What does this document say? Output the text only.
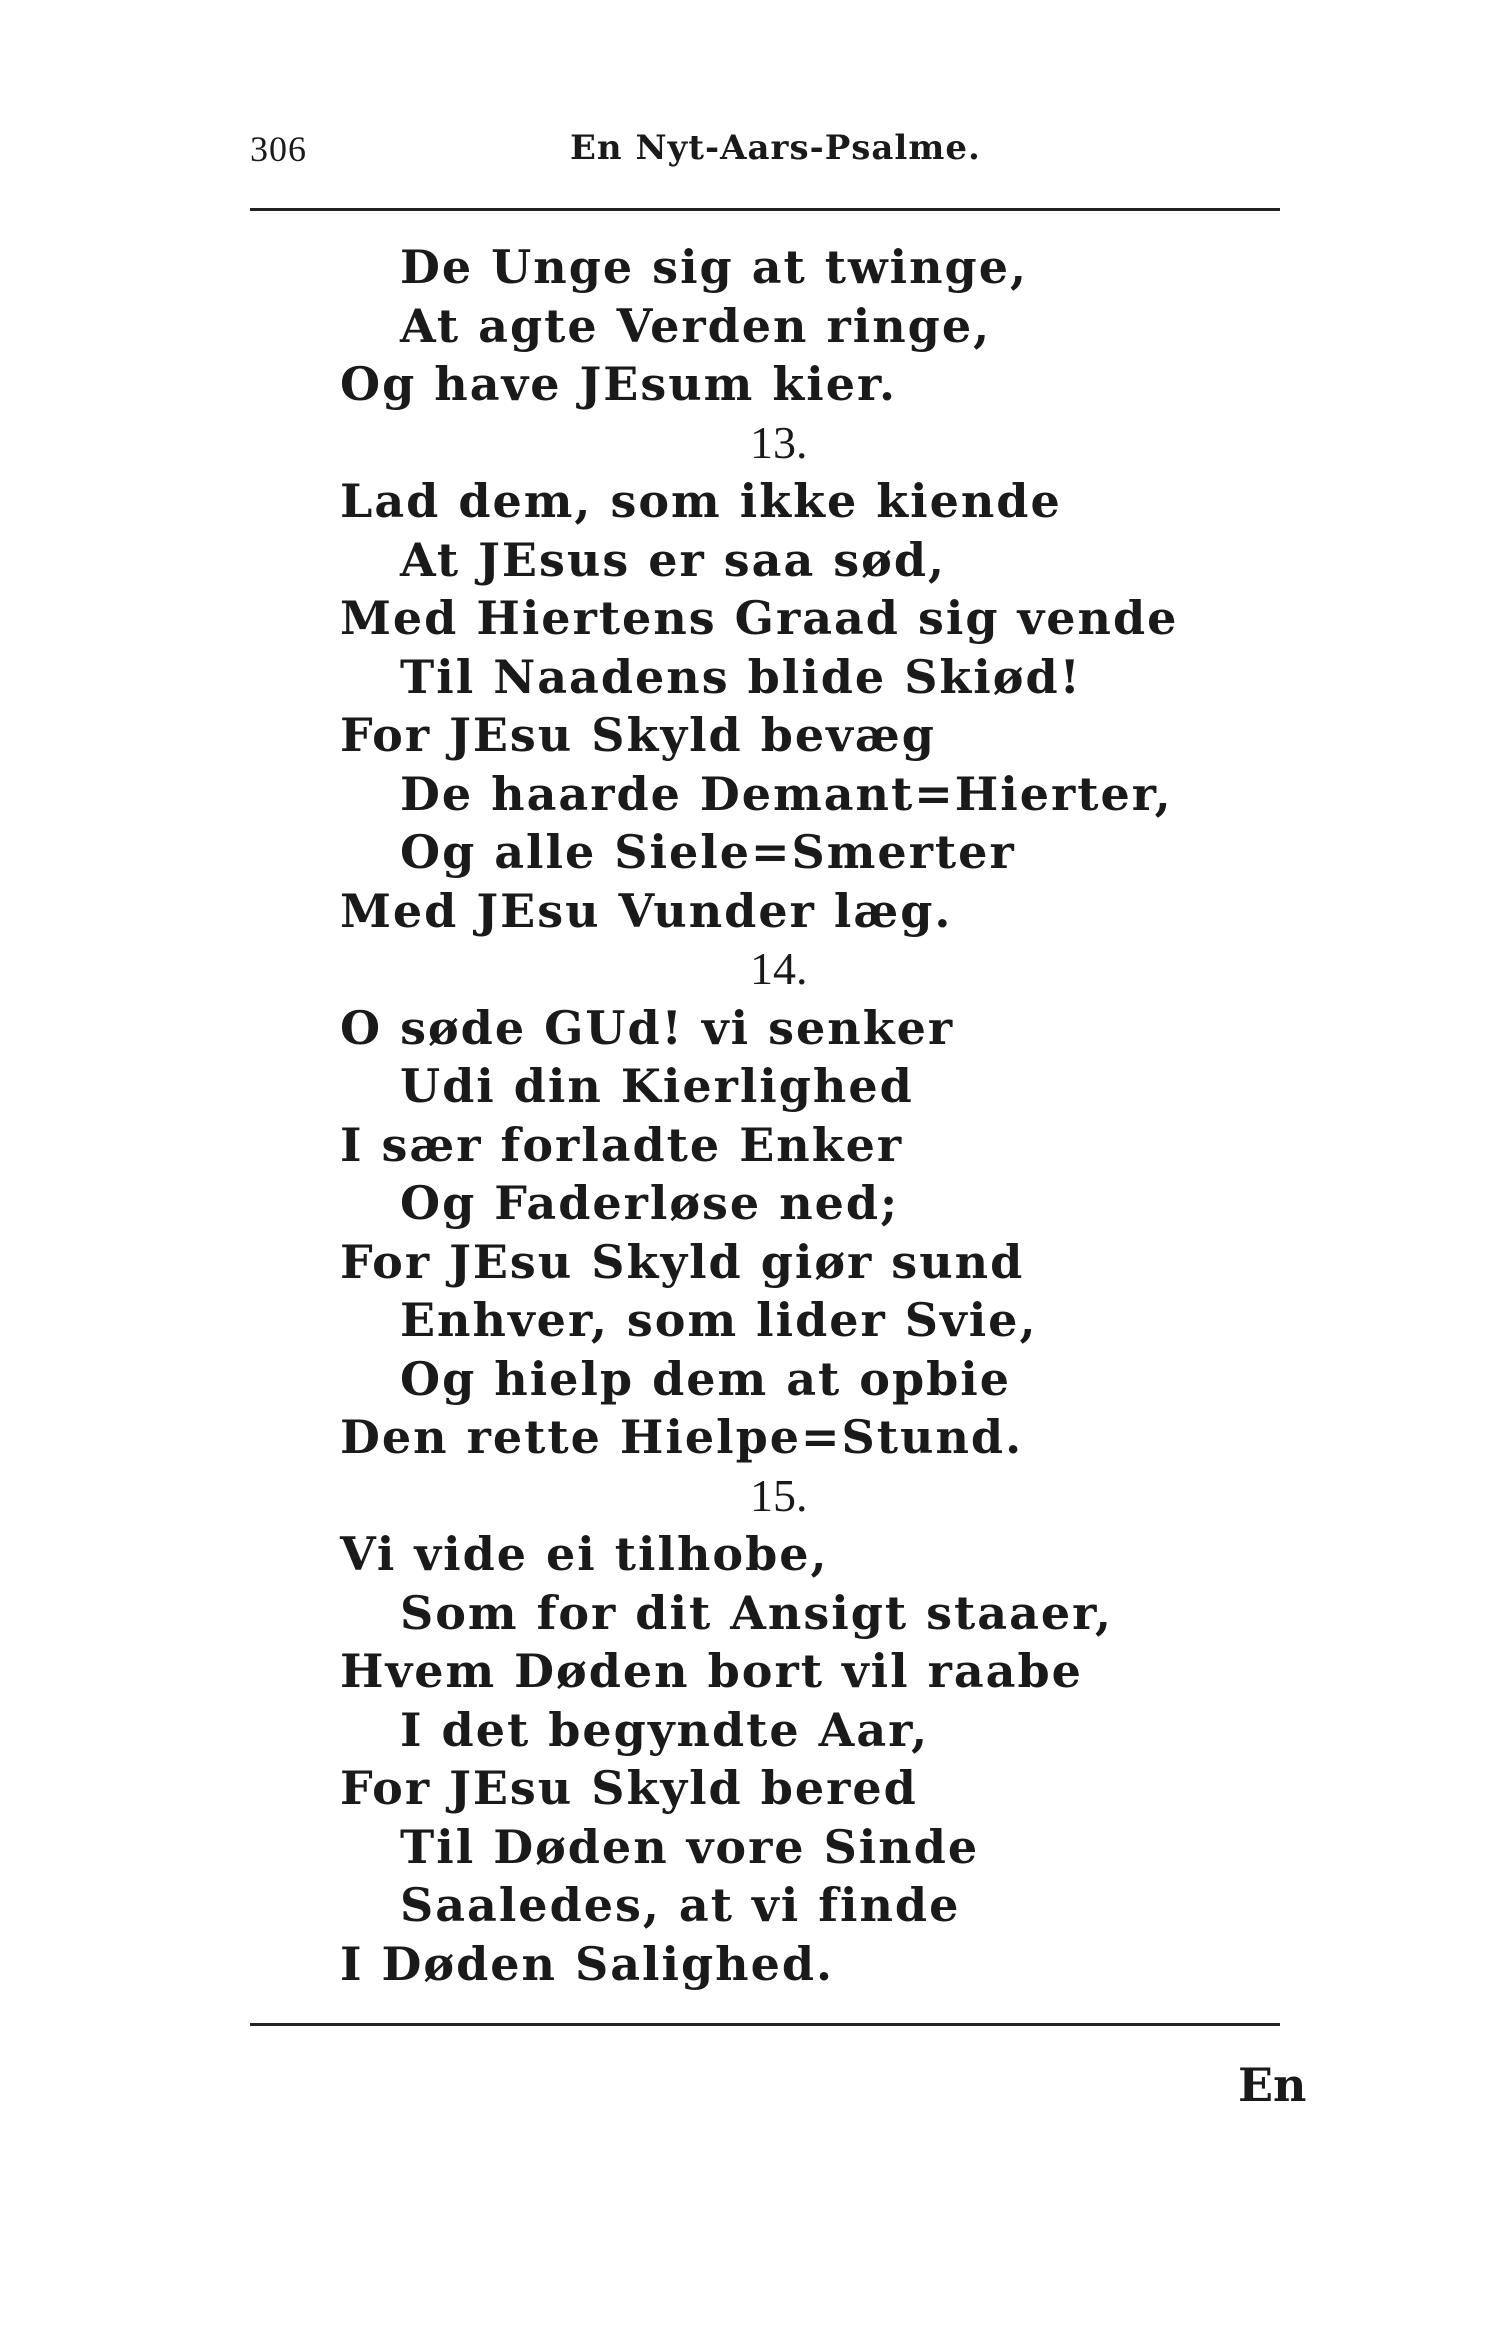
306	En Nyt-Aars-Psalme.
De Unge sig at twinge,
At agte Verden ringe,
Og have JEsum kier.
13.
Lad dem, som ikke kiende
At JEsus er saa sød,
Med Hiertens Graad sig vende
Til Naadens blide Skiød!
For JEsu Skyld bevæg
De haarde Demant=Hierter,
Og alle Siele=Smerter
Med JEsu Vunder læg.
14.
O søde GUd! vi senker
Udi din Kierlighed
I sær forladte Enker
Og Faderløse ned;
For JEsu Skyld giør sund
Enhver, som lider Svie,
Og hielp dem at opbie
Den rette Hielpe=Stund.
15.
Vi vide ei tilhobe,
Som for dit Ansigt staaer,
Hvem Døden bort vil raabe
I det begyndte Aar,
For JEsu Skyld bered
Til Døden vore Sinde
Saaledes, at vi finde
I Døden Salighed.
En
